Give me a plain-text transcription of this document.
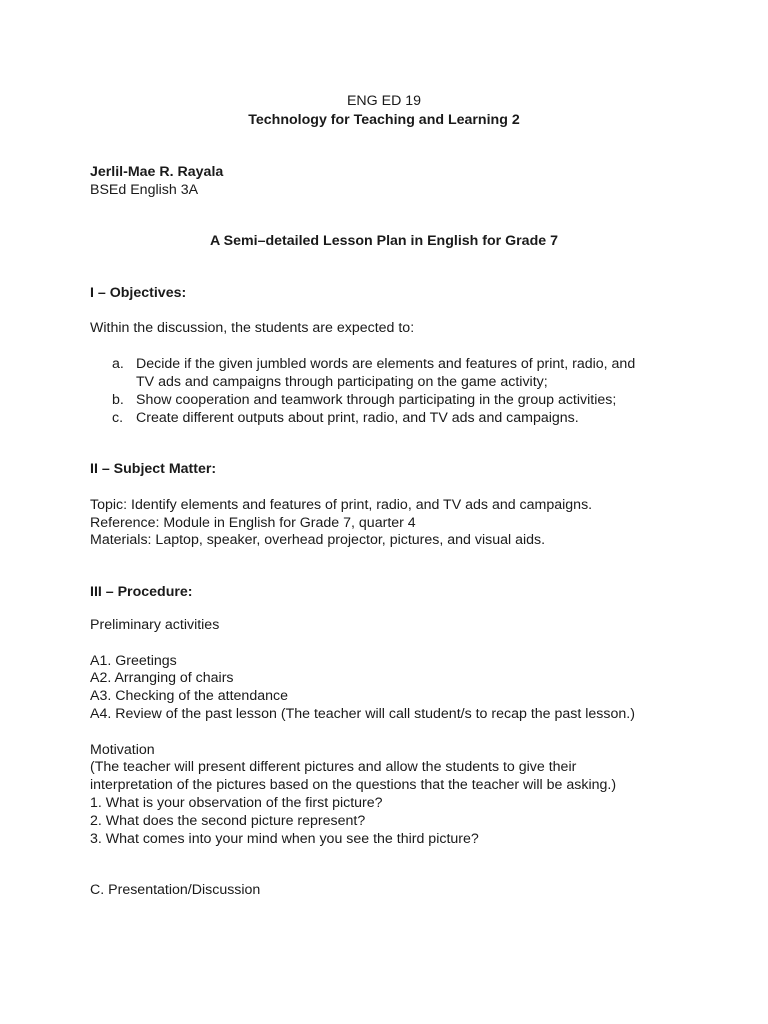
ENG ED 19
Technology for Teaching and Learning 2
Jerlil-Mae R. Rayala
BSEd English 3A
A Semi–detailed Lesson Plan in English for Grade 7
I – Objectives:
Within the discussion, the students are expected to:
a. Decide if the given jumbled words are elements and features of print, radio, and
TV ads and campaigns through participating on the game activity;
b. Show cooperation and teamwork through participating in the group activities;
c. Create different outputs about print, radio, and TV ads and campaigns.
II – Subject Matter:
Topic: Identify elements and features of print, radio, and TV ads and campaigns.
Reference: Module in English for Grade 7, quarter 4
Materials: Laptop, speaker, overhead projector, pictures, and visual aids.
III – Procedure:
Preliminary activities
A1. Greetings
A2. Arranging of chairs
A3. Checking of the attendance
A4. Review of the past lesson (The teacher will call student/s to recap the past lesson.)
Motivation
(The teacher will present different pictures and allow the students to give their
interpretation of the pictures based on the questions that the teacher will be asking.)
1. What is your observation of the first picture?
2. What does the second picture represent?
3. What comes into your mind when you see the third picture?
C. Presentation/Discussion
